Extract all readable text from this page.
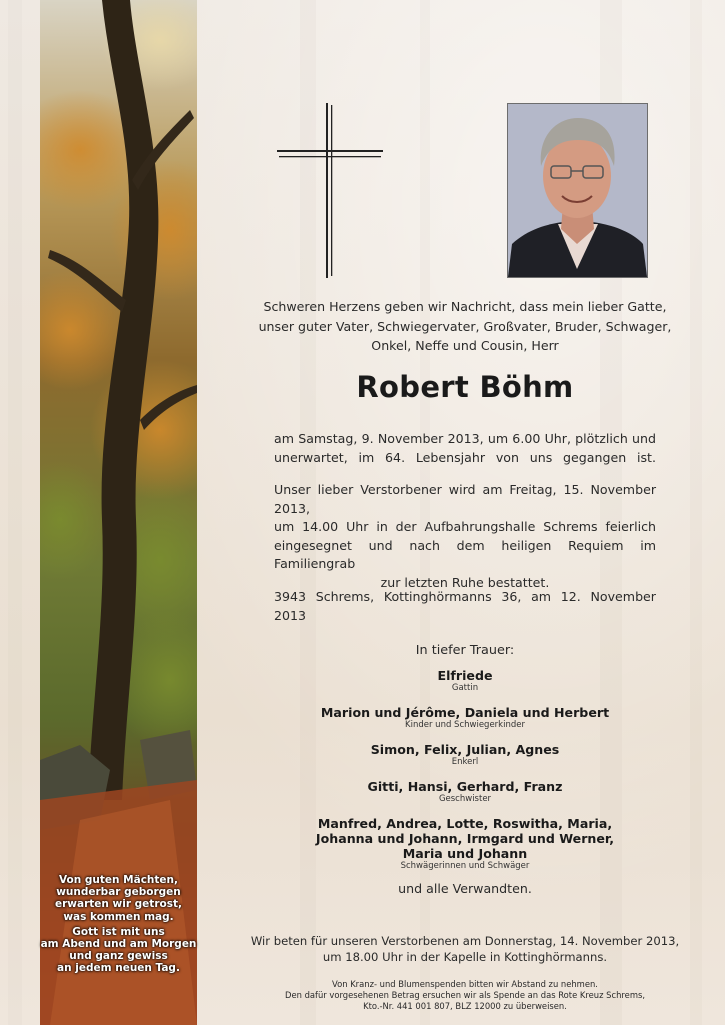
Von guten Mächten,
wunderbar geborgen
erwarten wir getrost,
was kommen mag.
Gott ist mit uns
am Abend und am Morgen
und ganz gewiss
an jedem neuen Tag.
Schweren Herzens geben wir Nachricht, dass mein lieber Gatte,
unser guter Vater, Schwiegervater, Großvater, Bruder, Schwager,
Onkel, Neffe und Cousin, Herr
Robert Böhm
am Samstag, 9. November 2013, um 6.00 Uhr, plötzlich und
unerwartet, im 64. Lebensjahr von uns gegangen ist.
Unser lieber Verstorbener wird am Freitag, 15. November 2013,
um 14.00 Uhr in der Aufbahrungshalle Schrems feierlich
eingesegnet und nach dem heiligen Requiem im Familiengrab
zur letzten Ruhe bestattet.
3943 Schrems, Kottinghörmanns 36, am 12. November 2013
In tiefer Trauer:
Elfriede
Gattin
Marion und Jérôme, Daniela und Herbert
Kinder und Schwiegerkinder
Simon, Felix, Julian, Agnes
Enkerl
Gitti, Hansi, Gerhard, Franz
Geschwister
Manfred, Andrea, Lotte, Roswitha, Maria,
Johanna und Johann, Irmgard und Werner,
Maria und Johann
Schwägerinnen und Schwäger
und alle Verwandten.
Wir beten für unseren Verstorbenen am Donnerstag, 14. November 2013,
um 18.00 Uhr in der Kapelle in Kottinghörmanns.
Von Kranz- und Blumenspenden bitten wir Abstand zu nehmen.
Den dafür vorgesehenen Betrag ersuchen wir als Spende an das Rote Kreuz Schrems,
Kto.-Nr. 441 001 807, BLZ 12000 zu überweisen.
